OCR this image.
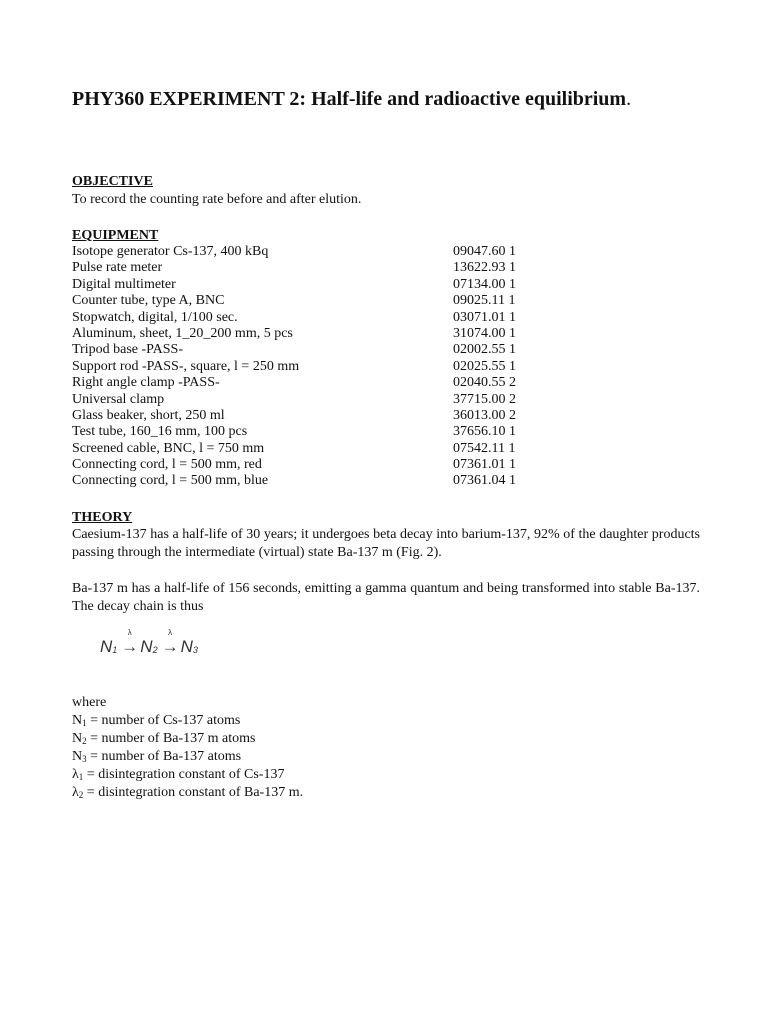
PHY360 EXPERIMENT 2: Half-life and radioactive equilibrium.
OBJECTIVE
To record the counting rate before and after elution.
EQUIPMENT
Isotope generator Cs-137, 400 kBq	09047.60 1
Pulse rate meter	13622.93 1
Digital multimeter	07134.00 1
Counter tube, type A, BNC	09025.11 1
Stopwatch, digital, 1/100 sec.	03071.01 1
Aluminum, sheet, 1_20_200 mm, 5 pcs	31074.00 1
Tripod base -PASS-	02002.55 1
Support rod -PASS-, square, l = 250 mm	02025.55 1
Right angle clamp -PASS-	02040.55 2
Universal clamp	37715.00 2
Glass beaker, short, 250 ml	36013.00 2
Test tube, 160_16 mm, 100 pcs	37656.10 1
Screened cable, BNC, l = 750 mm	07542.11 1
Connecting cord, l = 500 mm, red	07361.01 1
Connecting cord, l = 500 mm, blue	07361.04 1
THEORY
Caesium-137 has a half-life of 30 years; it undergoes beta decay into barium-137, 92% of the daughter products passing through the intermediate (virtual) state Ba-137 m (Fig. 2).
Ba-137 m has a half-life of 156 seconds, emitting a gamma quantum and being transformed into stable Ba-137. The decay chain is thus
N 1
λ
→ N 2
λ
→ N 3
where
$N_1$ = number of Cs-137 atoms
$N_2$ = number of Ba-137 m atoms
$N_3$ = number of Ba-137 atoms
$\lambda_1$ = disintegration constant of Cs-137
$\lambda_2$ = disintegration constant of Ba-137 m.
